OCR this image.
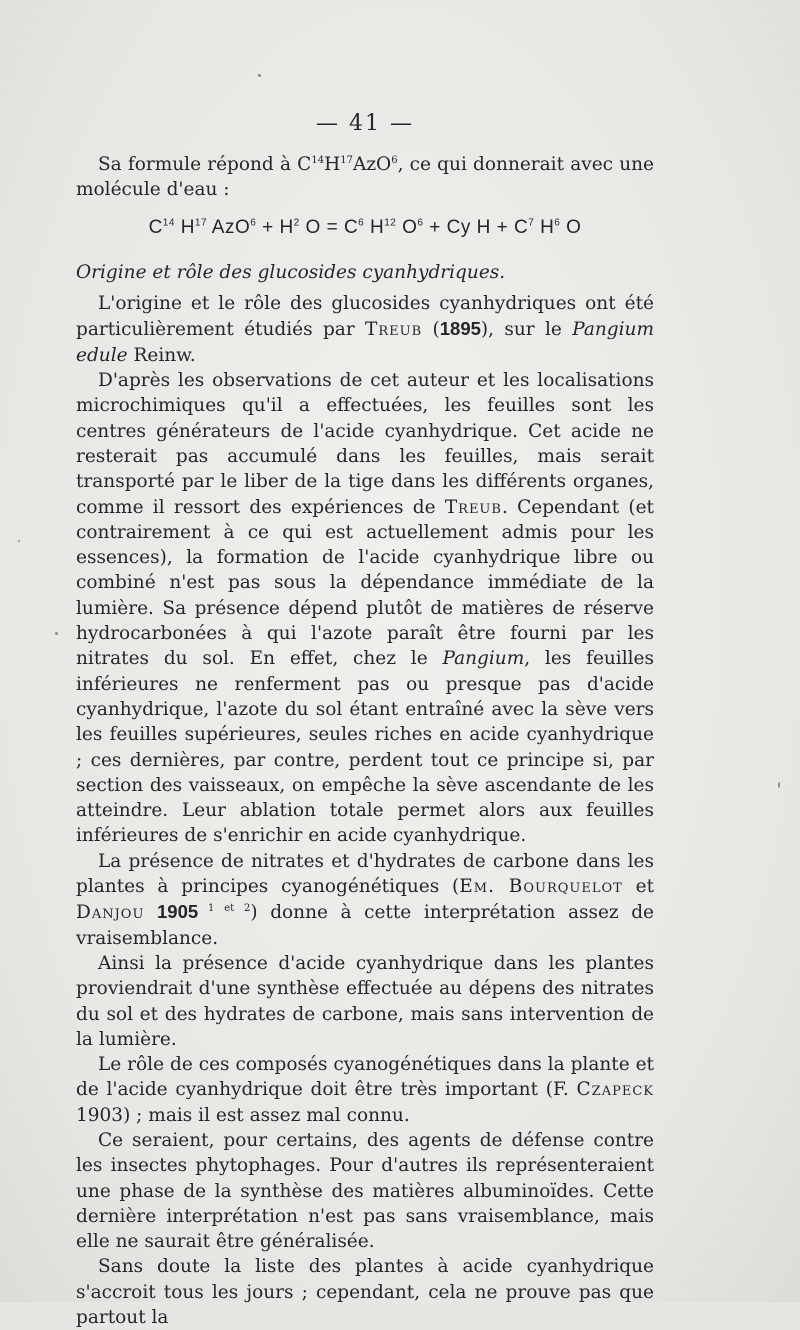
— 41 —

Sa formule répond à $C^{14}H^{17}AzO^6$, ce qui donnerait avec une molécule d'eau :

$C^{14}$ $H^{17}$ $AzO^6 + H^2$ $O = C^6$ $H^{12}$ $O^6 + Cy$ $H + C^7$ $H^6$ O

Origine et rôle des glucosides cyanhydriques.

L'origine et le rôle des glucosides cyanhydriques ont été particulièrement étudiés par Treub (1895), sur le Pangium edule Reinw.

D'après les observations de cet auteur et les localisations microchimiques qu'il a effectuées, les feuilles sont les centres générateurs de l'acide cyanhydrique. Cet acide ne resterait pas accumulé dans les feuilles, mais serait transporté par le liber de la tige dans les différents organes, comme il ressort des expériences de Treub. Cependant (et contrairement à ce qui est actuellement admis pour les essences), la formation de l'acide cyanhydrique libre ou combiné n'est pas sous la dépendance immédiate de la lumière. Sa présence dépend plutôt de matières de réserve hydrocarbonées à qui l'azote paraît être fourni par les nitrates du sol. En effet, chez le Pangium, les feuilles inférieures ne renferment pas ou presque pas d'acide cyanhydrique, l'azote du sol étant entraîné avec la sève vers les feuilles supérieures, seules riches en acide cyanhydrique ; ces dernières, par contre, perdent tout ce principe si, par section des vaisseaux, on empêche la sève ascendante de les atteindre. Leur ablation totale permet alors aux feuilles inférieures de s'enrichir en acide cyanhydrique.

La présence de nitrates et d'hydrates de carbone dans les plantes à principes cyanogénétiques (Em. Bourquelot et Danjou 1905 $^{1 et 2}$) donne à cette interprétation assez de vraisemblance.

Ainsi la présence d'acide cyanhydrique dans les plantes proviendrait d'une synthèse effectuée au dépens des nitrates du sol et des hydrates de carbone, mais sans intervention de la lumière.

Le rôle de ces composés cyanogénétiques dans la plante et de l'acide cyanhydrique doit être très important (F. Czapeck 1903) ; mais il est assez mal connu.

Ce seraient, pour certains, des agents de défense contre les insectes phytophages. Pour d'autres ils représenteraient une phase de la synthèse des matières albuminoïdes. Cette dernière interprétation n'est pas sans vraisemblance, mais elle ne saurait être généralisée.

Sans doute la liste des plantes à acide cyanhydrique s'accroit tous les jours ; cependant, cela ne prouve pas que partout la
